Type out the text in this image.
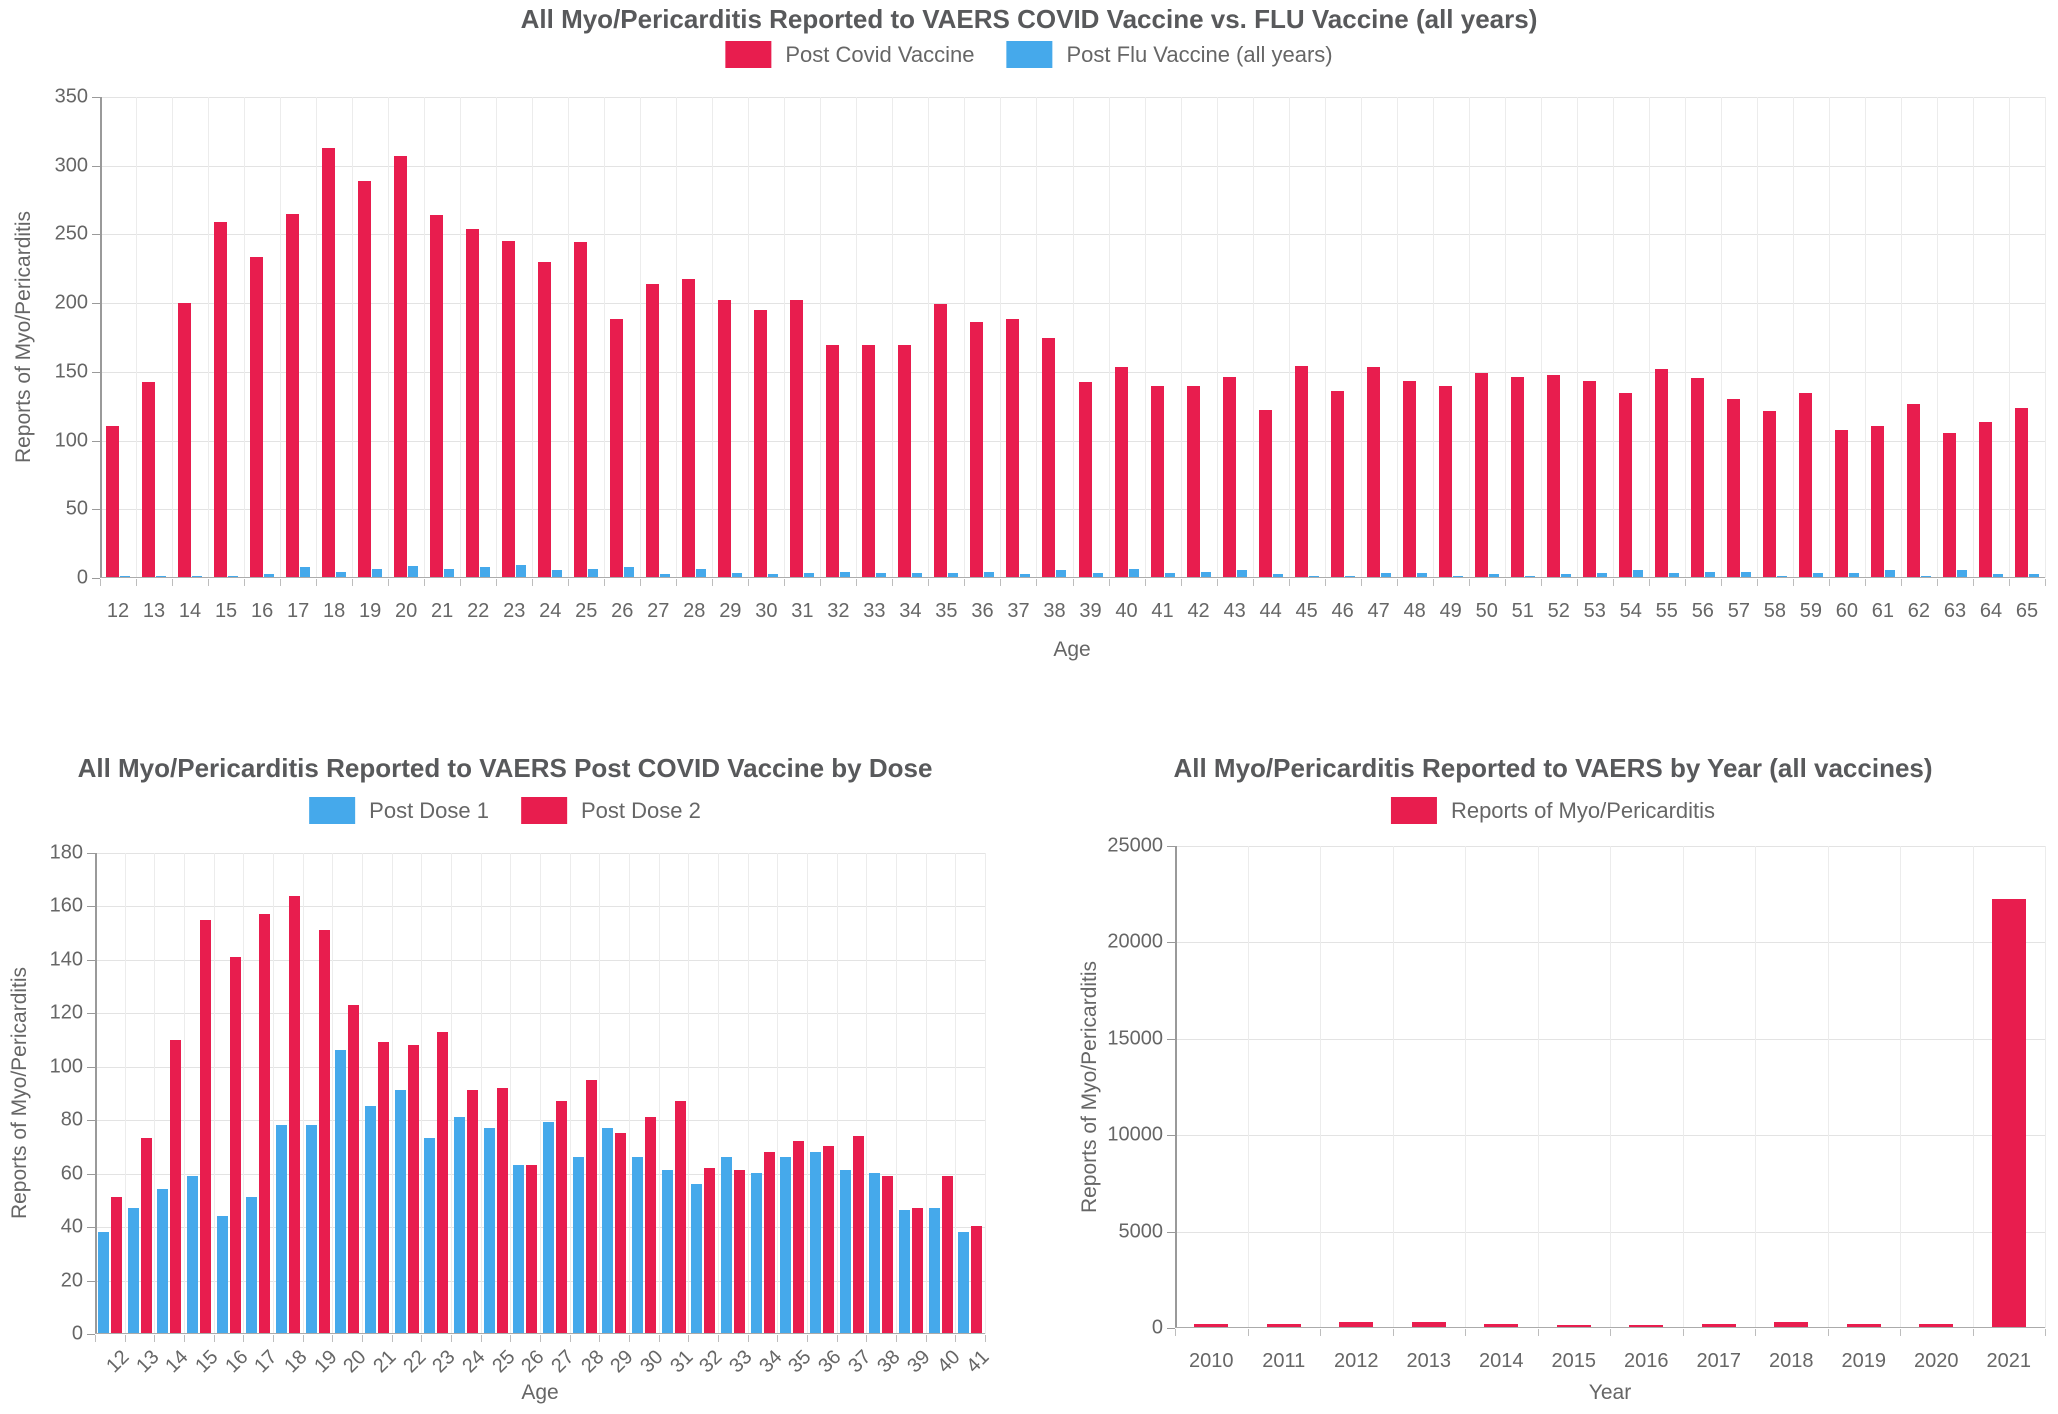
All Myo/Pericarditis Reported to VAERS COVID Vaccine vs. FLU Vaccine (all years)
Post Covid Vaccine	Post Flu Vaccine (all years)
Reports of Myo/Pericarditis
Age
0
50
100
150
200
250
300
350
12 13 14 15 16 17 18 19 20 21 22 23 24 25 26 27 28 29 30 31 32 33 34 35 36 37 38 39 40 41 42 43 44 45 46 47 48 49 50 51 52 53 54 55 56 57 58 59 60 61 62 63 64 65
All Myo/Pericarditis Reported to VAERS Post COVID Vaccine by Dose
Post Dose 1	Post Dose 2
Reports of Myo/Pericarditis
Age
0
20
40
60
80
100
120
140
160
180
12
13
14
15
16
17
18
19
20
21
22
23
24
25
26
27
28
29
30
31
32
33
34
35
36
37
38
39
40
41
All Myo/Pericarditis Reported to VAERS by Year (all vaccines)
Reports of Myo/Pericarditis
Reports of Myo/Pericarditis
Year
0
5000
10000
15000
20000
25000
2010 2011 2012 2013 2014 2015 2016 2017 2018 2019 2020 2021
